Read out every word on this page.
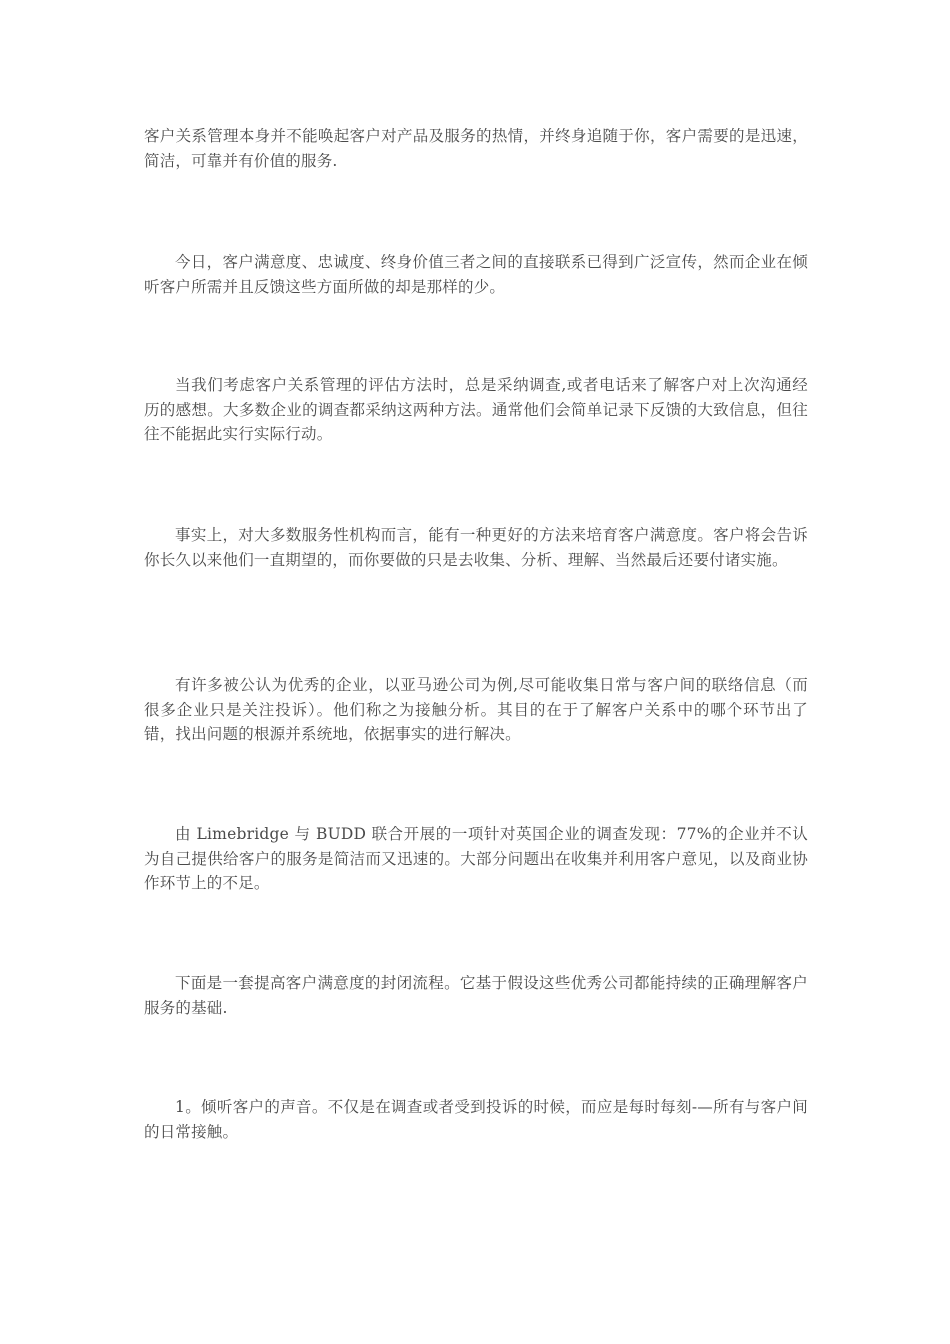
客户关系管理本身并不能唤起客户对产品及服务的热情，并终身追随于你，客户需要的是迅速，简洁，可靠并有价值的服务.

今日，客户满意度、忠诚度、终身价值三者之间的直接联系已得到广泛宣传，然而企业在倾听客户所需并且反馈这些方面所做的却是那样的少。

当我们考虑客户关系管理的评估方法时，总是采纳调查,或者电话来了解客户对上次沟通经历的感想。大多数企业的调查都采纳这两种方法。通常他们会简单记录下反馈的大致信息，但往往不能据此实行实际行动。

事实上，对大多数服务性机构而言，能有一种更好的方法来培育客户满意度。客户将会告诉你长久以来他们一直期望的，而你要做的只是去收集、分析、理解、当然最后还要付诸实施。

有许多被公认为优秀的企业，以亚马逊公司为例,尽可能收集日常与客户间的联络信息（而很多企业只是关注投诉）。他们称之为接触分析。其目的在于了解客户关系中的哪个环节出了错，找出问题的根源并系统地，依据事实的进行解决。

由 Limebridge 与 BUDD 联合开展的一项针对英国企业的调查发现：77%的企业并不认为自己提供给客户的服务是简洁而又迅速的。大部分问题出在收集并利用客户意见，以及商业协作环节上的不足。

下面是一套提高客户满意度的封闭流程。它基于假设这些优秀公司都能持续的正确理解客户服务的基础.

1。倾听客户的声音。不仅是在调查或者受到投诉的时候，而应是每时每刻-—所有与客户间的日常接触。
